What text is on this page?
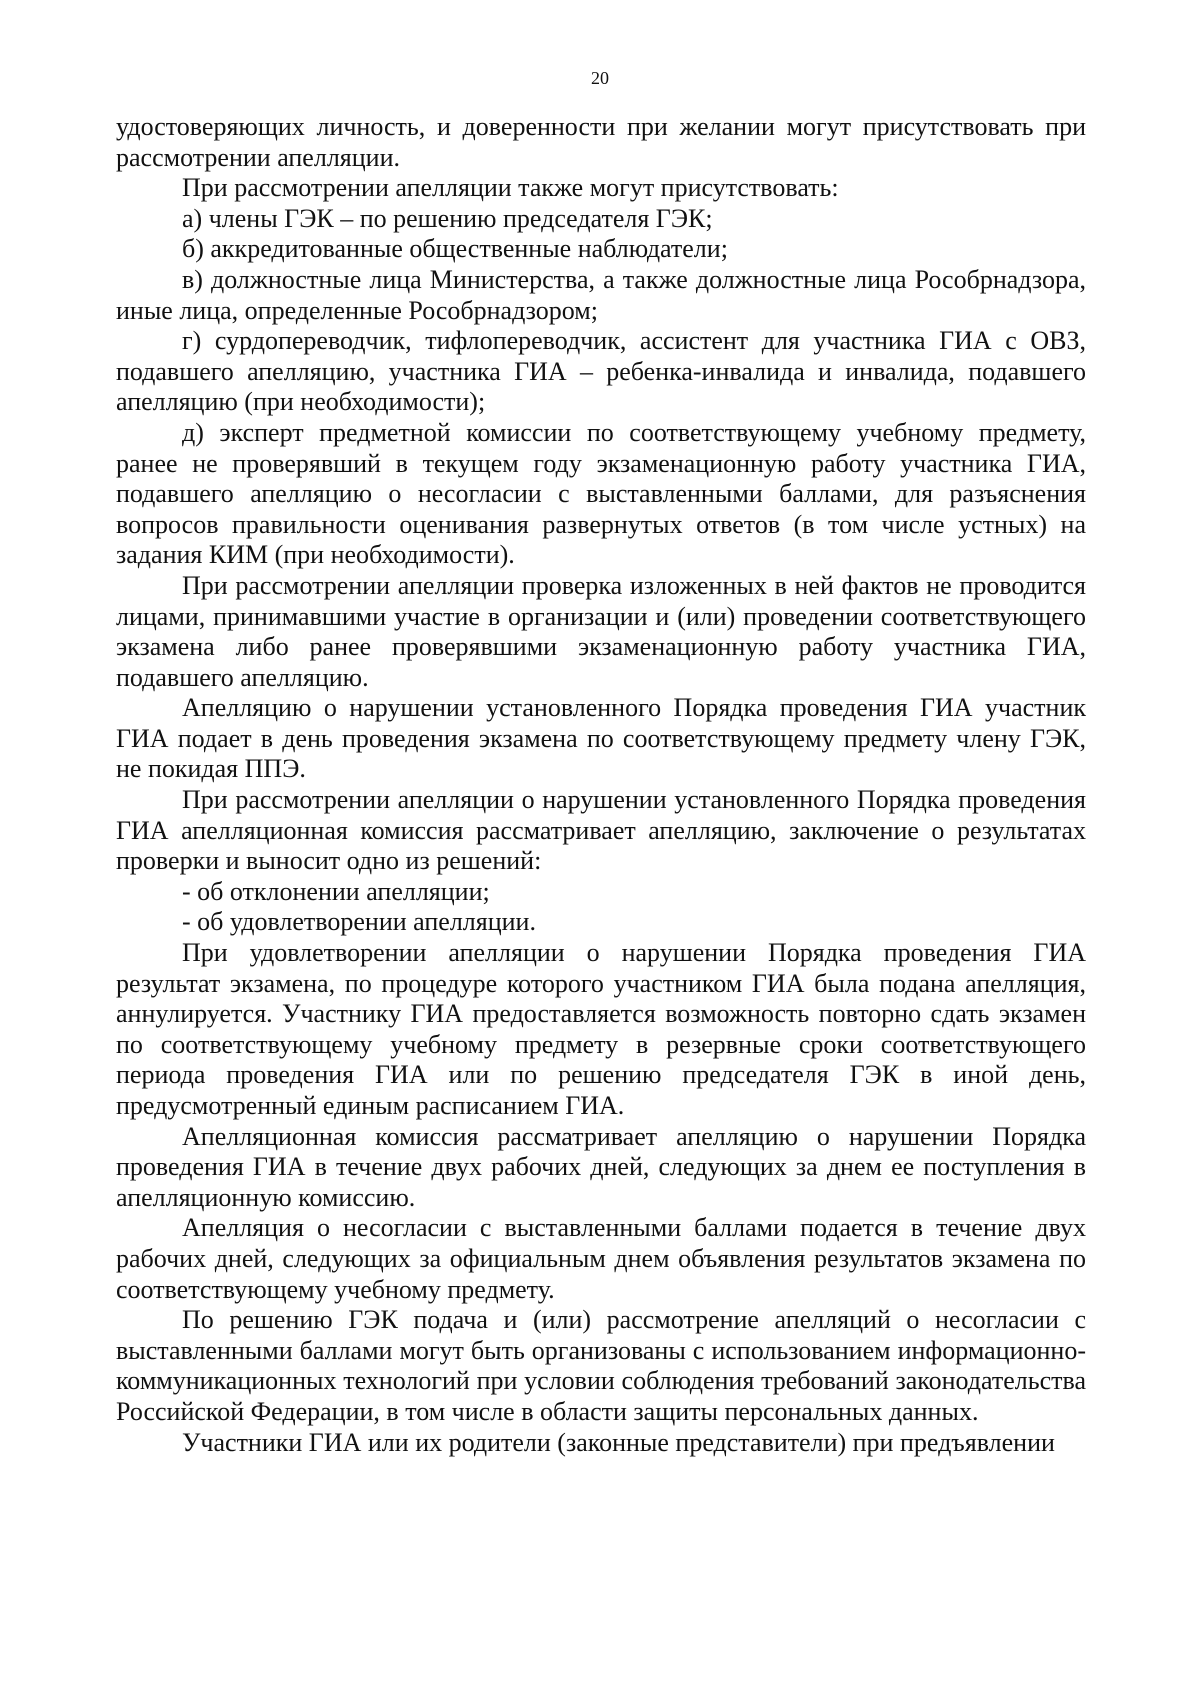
20

удостоверяющих личность, и доверенности при желании могут присутствовать при рассмотрении апелляции.

При рассмотрении апелляции также могут присутствовать:

а) члены ГЭК – по решению председателя ГЭК;

б) аккредитованные общественные наблюдатели;

в) должностные лица Министерства, а также должностные лица Рособрнадзора, иные лица, определенные Рособрнадзором;

г) сурдопереводчик, тифлопереводчик, ассистент для участника ГИА с ОВЗ, подавшего апелляцию, участника ГИА – ребенка-инвалида и инвалида, подавшего апелляцию (при необходимости);

д) эксперт предметной комиссии по соответствующему учебному предмету, ранее не проверявший в текущем году экзаменационную работу участника ГИА, подавшего апелляцию о несогласии с выставленными баллами, для разъяснения вопросов правильности оценивания развернутых ответов (в том числе устных) на задания КИМ (при необходимости).

При рассмотрении апелляции проверка изложенных в ней фактов не проводится лицами, принимавшими участие в организации и (или) проведении соответствующего экзамена либо ранее проверявшими экзаменационную работу участника ГИА, подавшего апелляцию.

Апелляцию о нарушении установленного Порядка проведения ГИА участник ГИА подает в день проведения экзамена по соответствующему предмету члену ГЭК, не покидая ППЭ.

При рассмотрении апелляции о нарушении установленного Порядка проведения ГИА апелляционная комиссия рассматривает апелляцию, заключение о результатах проверки и выносит одно из решений:

- об отклонении апелляции;

- об удовлетворении апелляции.

При удовлетворении апелляции о нарушении Порядка проведения ГИА результат экзамена, по процедуре которого участником ГИА была подана апелляция, аннулируется. Участнику ГИА предоставляется возможность повторно сдать экзамен по соответствующему учебному предмету в резервные сроки соответствующего периода проведения ГИА или по решению председателя ГЭК в иной день, предусмотренный единым расписанием ГИА.

Апелляционная комиссия рассматривает апелляцию о нарушении Порядка проведения ГИА в течение двух рабочих дней, следующих за днем ее поступления в апелляционную комиссию.

Апелляция о несогласии с выставленными баллами подается в течение двух рабочих дней, следующих за официальным днем объявления результатов экзамена по соответствующему учебному предмету.

По решению ГЭК подача и (или) рассмотрение апелляций о несогласии с выставленными баллами могут быть организованы с использованием информационно-коммуникационных технологий при условии соблюдения требований законодательства Российской Федерации, в том числе в области защиты персональных данных.

Участники ГИА или их родители (законные представители) при предъявлении
